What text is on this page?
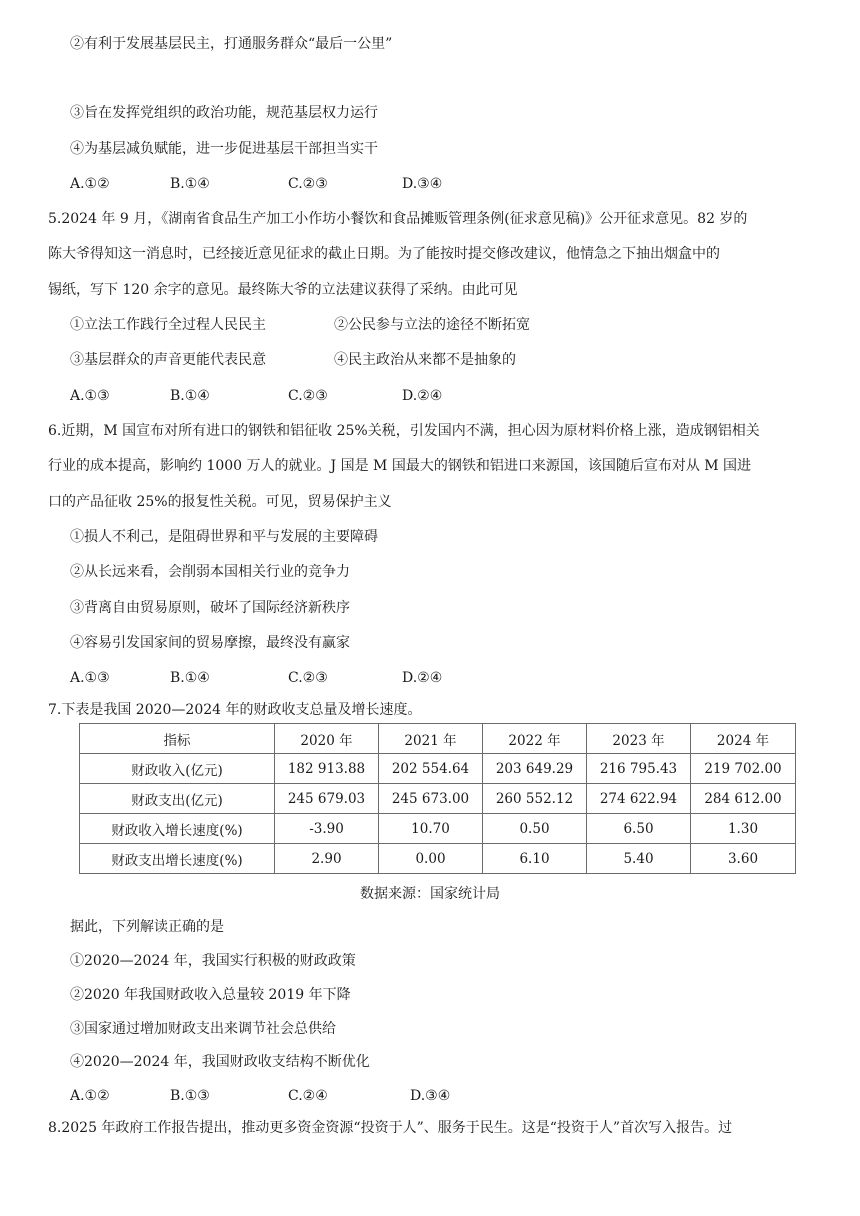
②有利于发展基层民主，打通服务群众“最后一公里”
③旨在发挥党组织的政治功能，规范基层权力运行
④为基层减负赋能，进一步促进基层干部担当实干
A.①②	B.①④	C.②③	D.③④
5.2024 年 9 月，《湖南省食品生产加工小作坊小餐饮和食品摊贩管理条例(征求意见稿)》公开征求意见。82 岁的
陈大爷得知这一消息时，已经接近意见征求的截止日期。为了能按时提交修改建议，他情急之下抽出烟盒中的
锡纸，写下 120 余字的意见。最终陈大爷的立法建议获得了采纳。由此可见
①立法工作践行全过程人民民主	②公民参与立法的途径不断拓宽
③基层群众的声音更能代表民意	④民主政治从来都不是抽象的
A.①③	B.①④	C.②③	D.②④
6.近期，M 国宣布对所有进口的钢铁和铝征收 25%关税，引发国内不满，担心因为原材料价格上涨，造成钢铝相关
行业的成本提高，影响约 1000 万人的就业。J 国是 M 国最大的钢铁和铝进口来源国，该国随后宣布对从 M 国进
口的产品征收 25%的报复性关税。可见，贸易保护主义
①损人不利己，是阻碍世界和平与发展的主要障碍
②从长远来看，会削弱本国相关行业的竞争力
③背离自由贸易原则，破坏了国际经济新秩序
④容易引发国家间的贸易摩擦，最终没有赢家
A.①③	B.①④	C.②③	D.②④
7.下表是我国 2020—2024 年的财政收支总量及增长速度。
指标	2020 年	2021 年	2022 年	2023 年	2024 年
财政收入(亿元)	182 913.88	202 554.64	203 649.29	216 795.43	219 702.00
财政支出(亿元)	245 679.03	245 673.00	260 552.12	274 622.94	284 612.00
财政收入增长速度(%)	-3.90	10.70	0.50	6.50	1.30
财政支出增长速度(%)	2.90	0.00	6.10	5.40	3.60
数据来源：国家统计局
据此，下列解读正确的是
①2020—2024 年，我国实行积极的财政政策
②2020 年我国财政收入总量较 2019 年下降
③国家通过增加财政支出来调节社会总供给
④2020—2024 年，我国财政收支结构不断优化
A.①②	B.①③	C.②④	D.③④
8.2025 年政府工作报告提出，推动更多资金资源“投资于人”、服务于民生。这是“投资于人”首次写入报告。过
